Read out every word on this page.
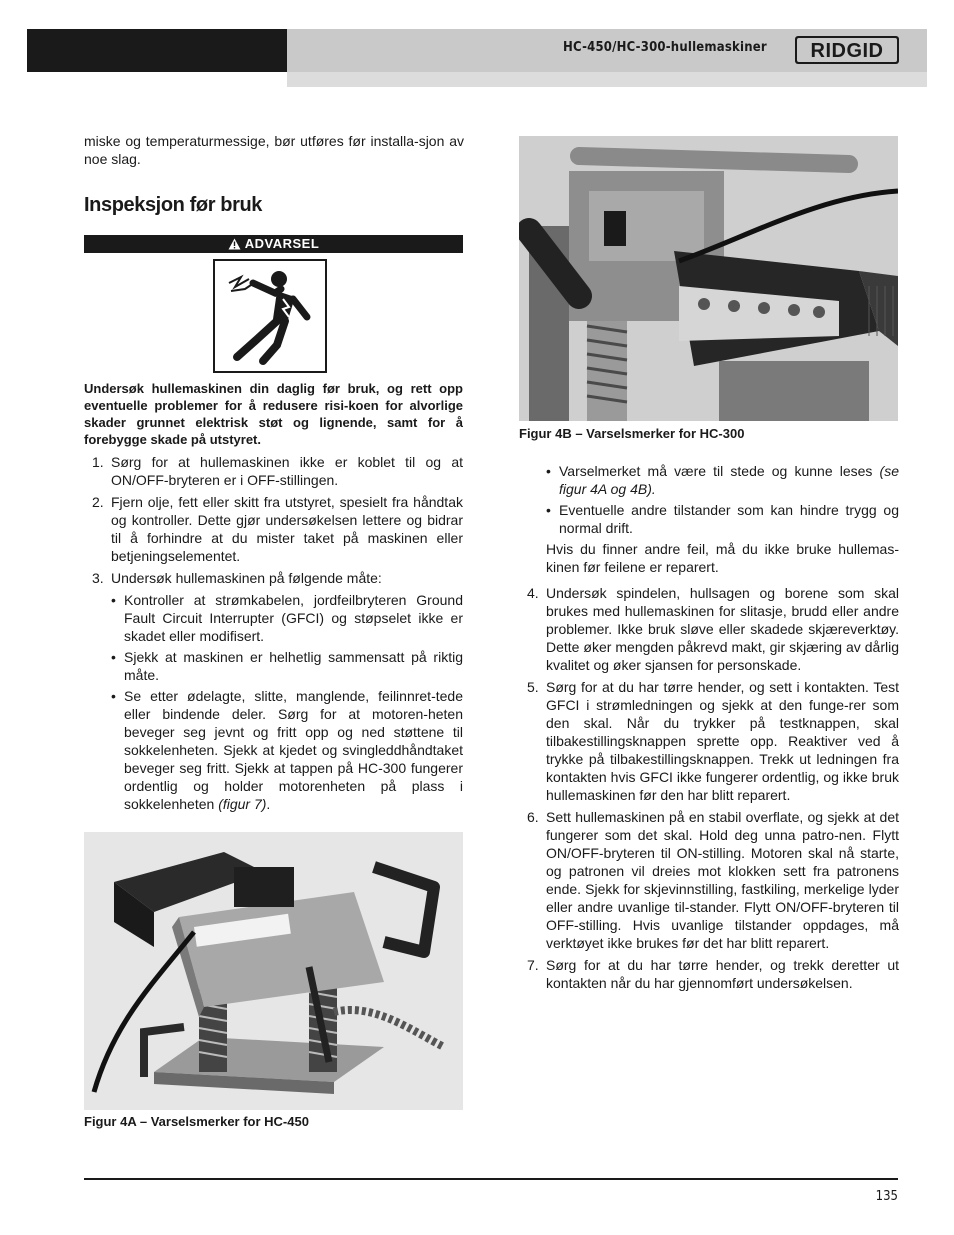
HC-450/HC-300-hullemaskiner RIDGID

miske og temperaturmessige, bør utføres før installa-sjon av noe slag.

Inspeksjon før bruk
ADVARSEL

Undersøk hullemaskinen din daglig før bruk, og rett opp eventuelle problemer for å redusere risi-koen for alvorlige skader grunnet elektrisk støt og lignende, samt for å forebygge skade på utstyret.

1. Sørg for at hullemaskinen ikke er koblet til og at ON/OFF-bryteren er i OFF-stillingen.
2. Fjern olje, fett eller skitt fra utstyret, spesielt fra håndtak og kontroller. Dette gjør undersøkelsen lettere og bidrar til å forhindre at du mister taket på maskinen eller betjeningselementet.
3. Undersøk hullemaskinen på følgende måte:
• Kontroller at strømkabelen, jordfeilbryteren Ground Fault Circuit Interrupter (GFCI) og støpselet ikke er skadet eller modifisert.
• Sjekk at maskinen er helhetlig sammensatt på riktig måte.
• Se etter ødelagte, slitte, manglende, feilinnret-tede eller bindende deler. Sørg for at motoren-heten beveger seg jevnt og fritt opp og ned støttene til sokkelenheten. Sjekk at kjedet og svingleddhåndtaket beveger seg fritt. Sjekk at tappen på HC-300 fungerer ordentlig og holder motorenheten på plass i sokkelenheten (figur 7).
Figur 4A – Varselsmerker for HC-450
Figur 4B – Varselsmerker for HC-300
• Varselmerket må være til stede og kunne leses (se figur 4A og 4B).
• Eventuelle andre tilstander som kan hindre trygg og normal drift.

Hvis du finner andre feil, må du ikke bruke hullemas-kinen før feilene er reparert.

4. Undersøk spindelen, hullsagen og borene som skal brukes med hullemaskinen for slitasje, brudd eller andre problemer. Ikke bruk sløve eller skadede skjæreverktøy. Dette øker mengden påkrevd makt, gir skjæring av dårlig kvalitet og øker sjansen for personskade.
5. Sørg for at du har tørre hender, og sett i kontakten. Test GFCI i strømledningen og sjekk at den funge-rer som den skal. Når du trykker på testknappen, skal tilbakestillingsknappen sprette opp. Reaktiver ved å trykke på tilbakestillingsknappen. Trekk ut ledningen fra kontakten hvis GFCI ikke fungerer ordentlig, og ikke bruk hullemaskinen før den har blitt reparert.
6. Sett hullemaskinen på en stabil overflate, og sjekk at det fungerer som det skal. Hold deg unna patro-nen. Flytt ON/OFF-bryteren til ON-stilling. Motoren skal nå starte, og patronen vil dreies mot klokken sett fra patronens ende. Sjekk for skjevinnstilling, fastkiling, merkelige lyder eller andre uvanlige til-stander. Flytt ON/OFF-bryteren til OFF-stilling. Hvis uvanlige tilstander oppdages, må verktøyet ikke brukes før det har blitt reparert.
7. Sørg for at du har tørre hender, og trekk deretter ut kontakten når du har gjennomført undersøkelsen.
135
